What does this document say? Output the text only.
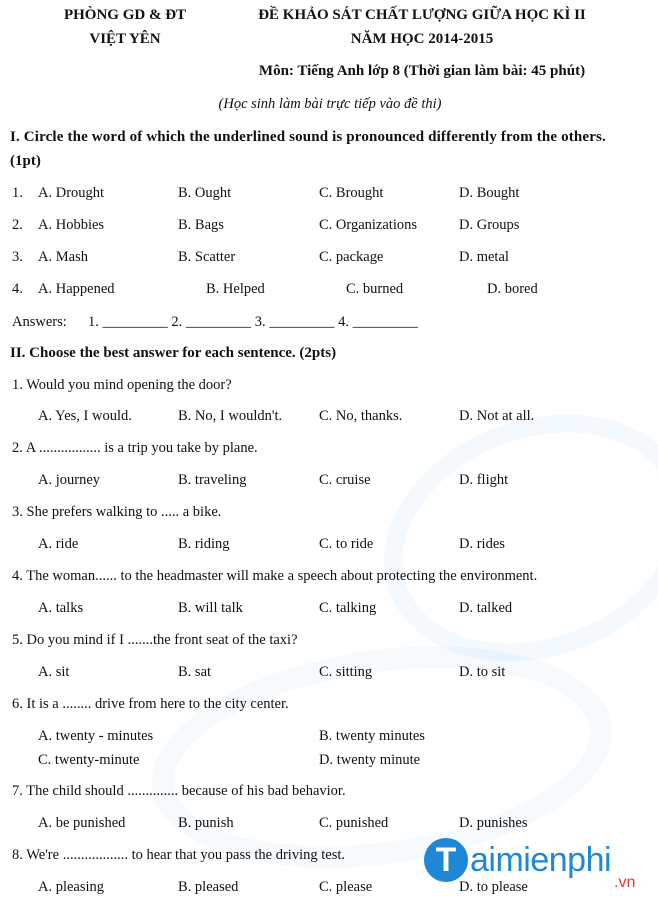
PHÒNG GD & ĐT
VIỆT YÊN
ĐỀ KHẢO SÁT CHẤT LƯỢNG GIỮA HỌC KÌ II
NĂM HỌC 2014-2015
Môn: Tiếng Anh lớp 8 (Thời gian làm bài: 45 phút)
(Học sinh làm bài trực tiếp vào đề thi)
I. Circle the word of which the underlined sound is pronounced differently from the others.
(1pt)
1. A. Drought	B. Ought	C. Brought	D. Bought
2. A. Hobbies	B. Bags	C. Organizations	D. Groups
3. A. Mash	B. Scatter	C. package	D. metal
4. A. Happened	B. Helped	C. burned	D. bored
Answers: 1. _________ 2. _________ 3. _________ 4. _________
II. Choose the best answer for each sentence. (2pts)
1. Would you mind opening the door?
A. Yes, I would.	B. No, I wouldn't.	C. No, thanks.	D. Not at all.
2. A ................. is a trip you take by plane.
A. journey	B. traveling	C. cruise	D. flight
3. She prefers walking to ..... a bike.
A. ride	B. riding	C. to ride	D. rides
4. The woman...... to the headmaster will make a speech about protecting the environment.
A. talks	B. will talk	C. talking	D. talked
5. Do you mind if I .......the front seat of the taxi?
A. sit	B. sat	C. sitting	D. to sit
6. It is a ........ drive from here to the city center.
A. twenty - minutes	B. twenty minutes
C. twenty-minute	D. twenty minute
7. The child should .............. because of his bad behavior.
A. be punished	B. punish	C. punished	D. punishes
8. We're .................. to hear that you pass the driving test.
A. pleasing	B. pleased	C. please	D. to please
T aimienphi
.vn
